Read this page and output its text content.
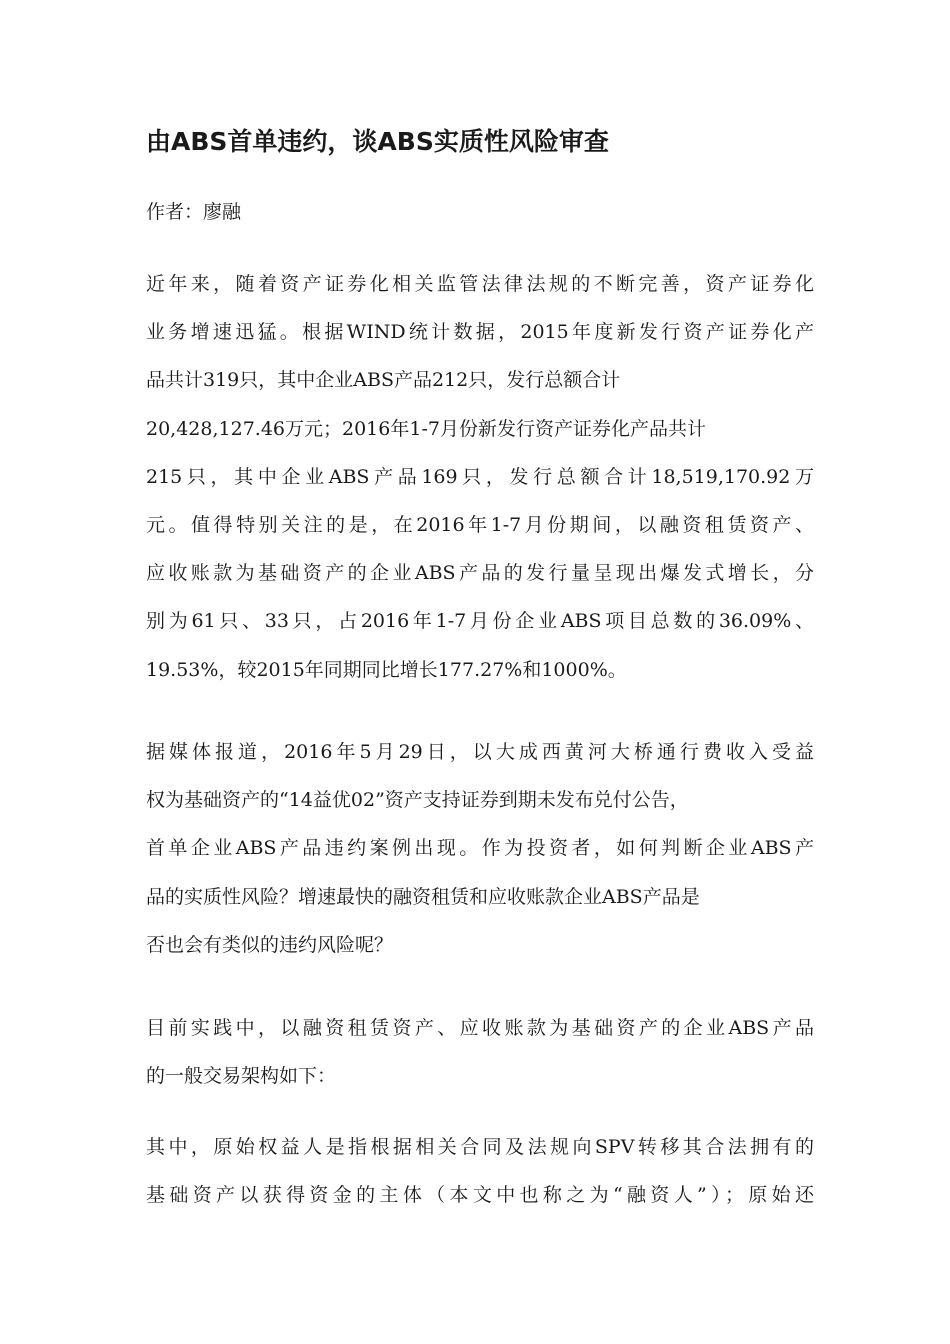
由ABS首单违约，谈ABS实质性风险审查

作者：廖融

近年来，随着资产证券化相关监管法律法规的不断完善，资产证券化
业务增速迅猛。根据WIND统计数据，2015年度新发行资产证券化产
品共计319只，其中企业ABS产品212只，发行总额合计
20,428,127.46万元；2016年1-7月份新发行资产证券化产品共计
215只，其中企业ABS产品169只，发行总额合计18,519,170.92万
元。值得特别关注的是，在2016年1-7月份期间，以融资租赁资产、
应收账款为基础资产的企业ABS产品的发行量呈现出爆发式增长，分
别为61只、33只，占2016年1-7月份企业ABS项目总数的36.09%、
19.53%，较2015年同期同比增长177.27%和1000%。
据媒体报道，2016年5月29日，以大成西黄河大桥通行费收入受益
权为基础资产的“14益优02”资产支持证券到期未发布兑付公告，
首单企业ABS产品违约案例出现。作为投资者，如何判断企业ABS产
品的实质性风险？增速最快的融资租赁和应收账款企业ABS产品是
否也会有类似的违约风险呢？
目前实践中，以融资租赁资产、应收账款为基础资产的企业ABS产品
的一般交易架构如下：
其中，原始权益人是指根据相关合同及法规向SPV转移其合法拥有的
基础资产以获得资金的主体（本文中也称之为“融资人”）；原始还
